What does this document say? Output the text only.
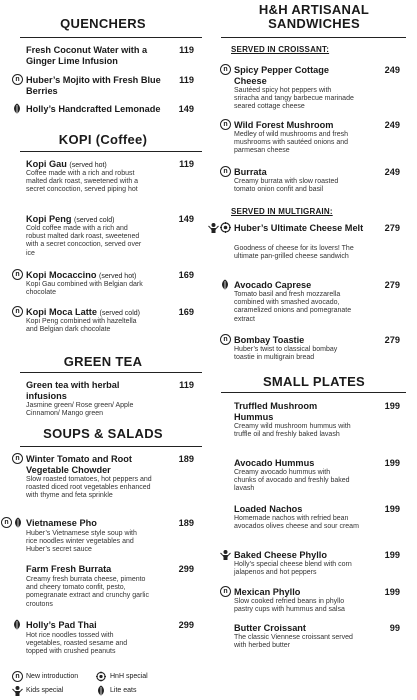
QUENCHERS
Fresh Coconut Water with a Ginger Lime Infusion
119
n Huber’s Mojito with Fresh Blue Berries
119
Holly’s Handcrafted Lemonade	149
KOPI (Coffee)
Kopi Gau (served hot)	119
Coffee made with a rich and robust malted dark roast, sweetened with a secret concoction, served piping hot
Kopi Peng (served cold)	149
Cold coffee made with a rich and robust malted dark roast, sweetened with a secret concoction, served over ice
n Kopi Mocaccino (served hot)	169
Kopi Gau combined with Belgian dark chocolate
n Kopi Moca Latte (served cold)	169
Kopi Peng combined with hazeltella and Belgian dark chocolate
GREEN TEA
Green tea with herbal infusions
119
Jasmine green/ Rose green/ Apple Cinnamon/ Mango green
SOUPS & SALADS
n Winter Tomato and Root Vegetable Chowder
189
Slow roasted tomatoes, hot peppers and roasted diced root vegetables enhanced with thyme and feta sprinkle
n	Vietnamese Pho	189
Huber’s Vietnamese style soup with rice noodles winter vegetables and Huber’s secret sauce
Farm Fresh Burrata	299
Creamy fresh burrata cheese, pimento and cheery tomato confit, pesto, pomegranate extract and crunchy garlic croutons
Holly’s Pad Thai	299
Hot rice noodles tossed with vegetables, roasted sesame and topped with crushed peanuts
n New introduction	HnH special
Kids special	Lite eats
H&H ARTISANAL
SANDWICHES
SERVED IN CROISSANT:
n Spicy Pepper Cottage Cheese
249
Sautéed spicy hot peppers with sriracha and tangy barbecue marinade seared cottage cheese
n Wild Forest Mushroom	249
Medley of wild mushrooms and fresh mushrooms with sautéed onions and parmesan cheese
n Burrata	249
Creamy burrata with slow roasted tomato onion confit and basil
SERVED IN MULTIGRAIN:
Huber’s Ultimate Cheese Melt	279
Goodness of cheese for its lovers! The ultimate pan-grilled cheese sandwich
Avocado Caprese	279
Tomato basil and fresh mozzarella combined with smashed avocado, caramelized onions and pomegranate extract
n Bombay Toastie	279
Huber’s twist to classical bombay toastie in multigrain bread
SMALL PLATES
Truffled Mushroom Hummus
199
Creamy wild mushroom hummus with truffle oil and freshly baked lavash
Avocado Hummus	199
Creamy avocado hummus with chunks of avocado and freshly baked lavash
Loaded Nachos	199
Homemade nachos with refried bean avocados olives cheese and sour cream
Baked Cheese Phyllo	199
Holly’s special cheese blend with corn jalapenos and hot peppers
n Mexican Phyllo	199
Slow cooked refried beans in phyllo pastry cups with hummus and salsa
Butter Croissant	99
The classic Viennese croissant served with herbed butter
